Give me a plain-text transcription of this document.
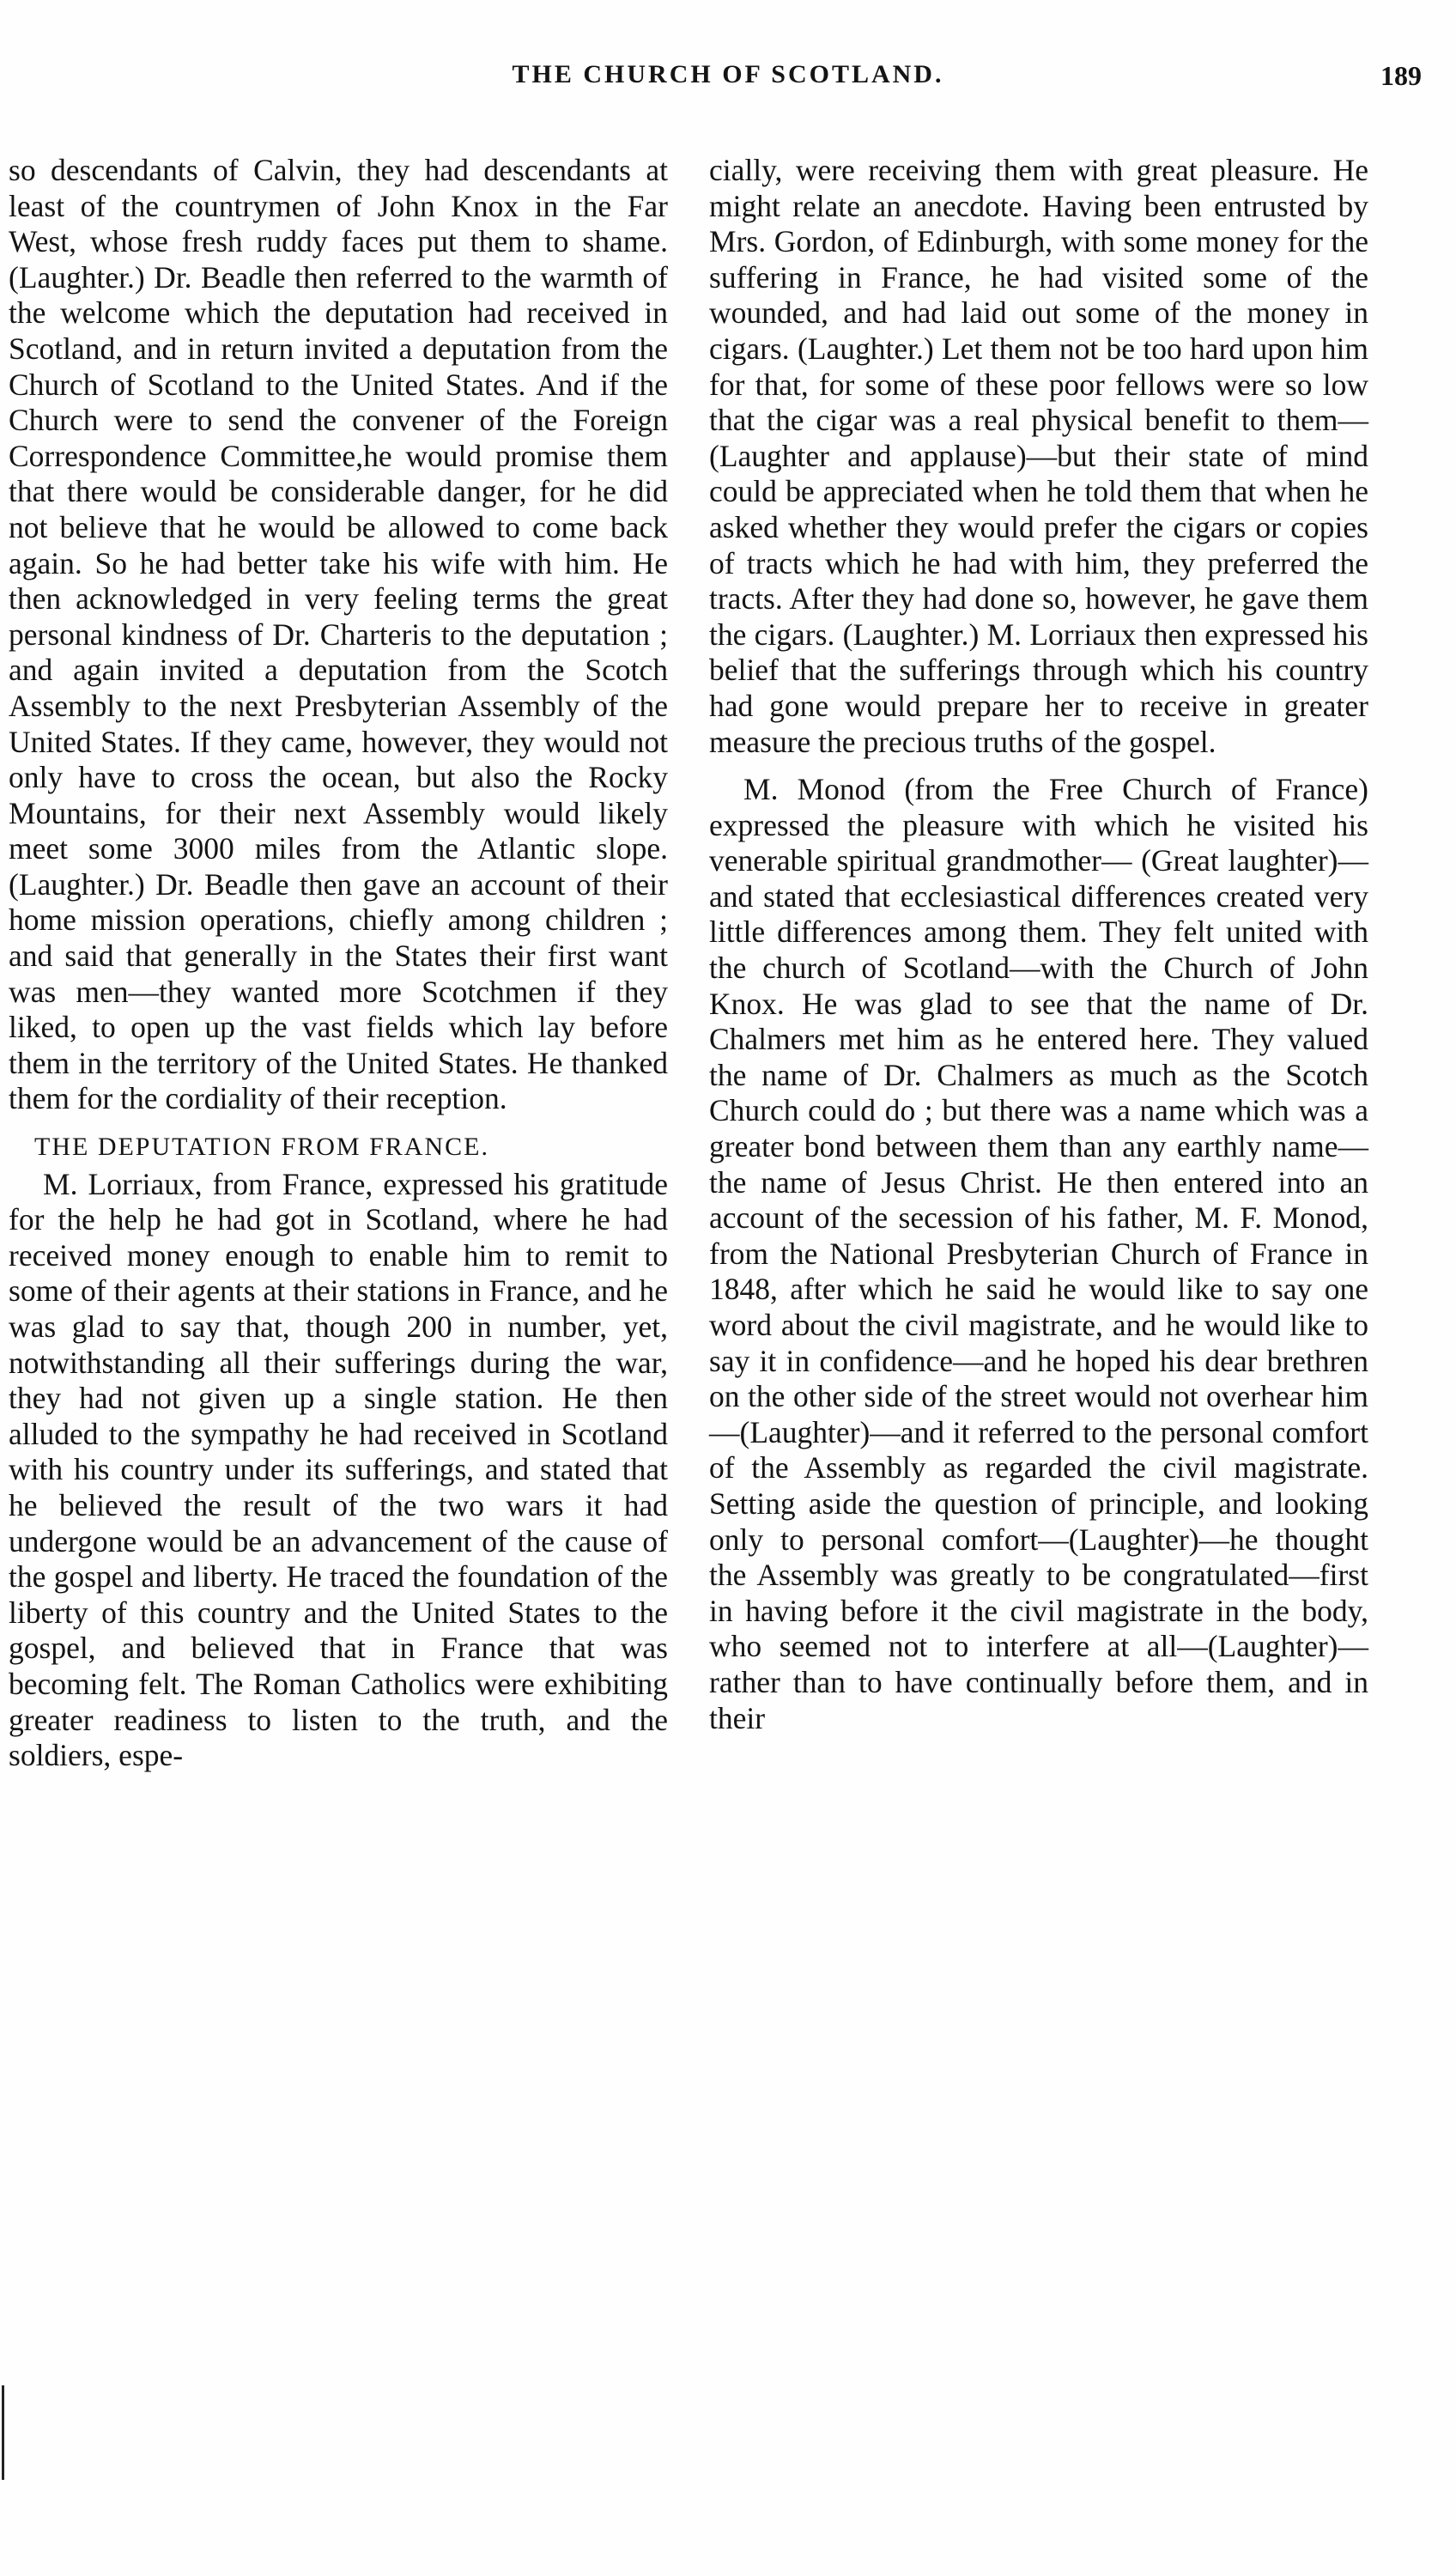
THE CHURCH OF SCOTLAND.	189

so descendants of Calvin, they had descendants at least of the countrymen of John Knox in the Far West, whose fresh ruddy faces put them to shame. (Laughter.) Dr. Beadle then referred to the warmth of the welcome which the deputation had received in Scotland, and in return invited a deputation from the Church of Scotland to the United States. And if the Church were to send the convener of the Foreign Correspondence Committee,he would promise them that there would be considerable danger, for he did not believe that he would be allowed to come back again. So he had better take his wife with him. He then acknowledged in very feeling terms the great personal kindness of Dr. Charteris to the deputation ; and again invited a deputation from the Scotch Assembly to the next Presbyterian Assembly of the United States. If they came, however, they would not only have to cross the ocean, but also the Rocky Mountains, for their next Assembly would likely meet some 3000 miles from the Atlantic slope. (Laughter.) Dr. Beadle then gave an account of their home mission operations, chiefly among children ; and said that generally in the States their first want was men—they wanted more Scotchmen if they liked, to open up the vast fields which lay before them in the territory of the United States. He thanked them for the cordiality of their reception.

THE DEPUTATION FROM FRANCE.

M. Lorriaux, from France, expressed his gratitude for the help he had got in Scotland, where he had received money enough to enable him to remit to some of their agents at their stations in France, and he was glad to say that, though 200 in number, yet, notwithstanding all their sufferings during the war, they had not given up a single station. He then alluded to the sympathy he had received in Scotland with his country under its sufferings, and stated that he believed the result of the two wars it had undergone would be an advancement of the cause of the gospel and liberty. He traced the foundation of the liberty of this country and the United States to the gospel, and believed that in France that was becoming felt. The Roman Catholics were exhibiting greater readiness to listen to the truth, and the soldiers, espe-

cially, were receiving them with great pleasure. He might relate an anecdote. Having been entrusted by Mrs. Gordon, of Edinburgh, with some money for the suffering in France, he had visited some of the wounded, and had laid out some of the money in cigars. (Laughter.) Let them not be too hard upon him for that, for some of these poor fellows were so low that the cigar was a real physical benefit to them—(Laughter and applause)—but their state of mind could be appreciated when he told them that when he asked whether they would prefer the cigars or copies of tracts which he had with him, they preferred the tracts. After they had done so, however, he gave them the cigars. (Laughter.) M. Lorriaux then expressed his belief that the sufferings through which his country had gone would prepare her to receive in greater measure the precious truths of the gospel.

M. Monod (from the Free Church of France) expressed the pleasure with which he visited his venerable spiritual grandmother— (Great laughter)—and stated that ecclesiastical differences created very little differences among them. They felt united with the church of Scotland—with the Church of John Knox. He was glad to see that the name of Dr. Chalmers met him as he entered here. They valued the name of Dr. Chalmers as much as the Scotch Church could do ; but there was a name which was a greater bond between them than any earthly name—the name of Jesus Christ. He then entered into an account of the secession of his father, M. F. Monod, from the National Presbyterian Church of France in 1848, after which he said he would like to say one word about the civil magistrate, and he would like to say it in confidence—and he hoped his dear brethren on the other side of the street would not overhear him—(Laughter)—and it referred to the personal comfort of the Assembly as regarded the civil magistrate. Setting aside the question of principle, and looking only to personal comfort—(Laughter)—he thought the Assembly was greatly to be congratulated—first in having before it the civil magistrate in the body, who seemed not to interfere at all—(Laughter)—rather than to have continually before them, and in their
